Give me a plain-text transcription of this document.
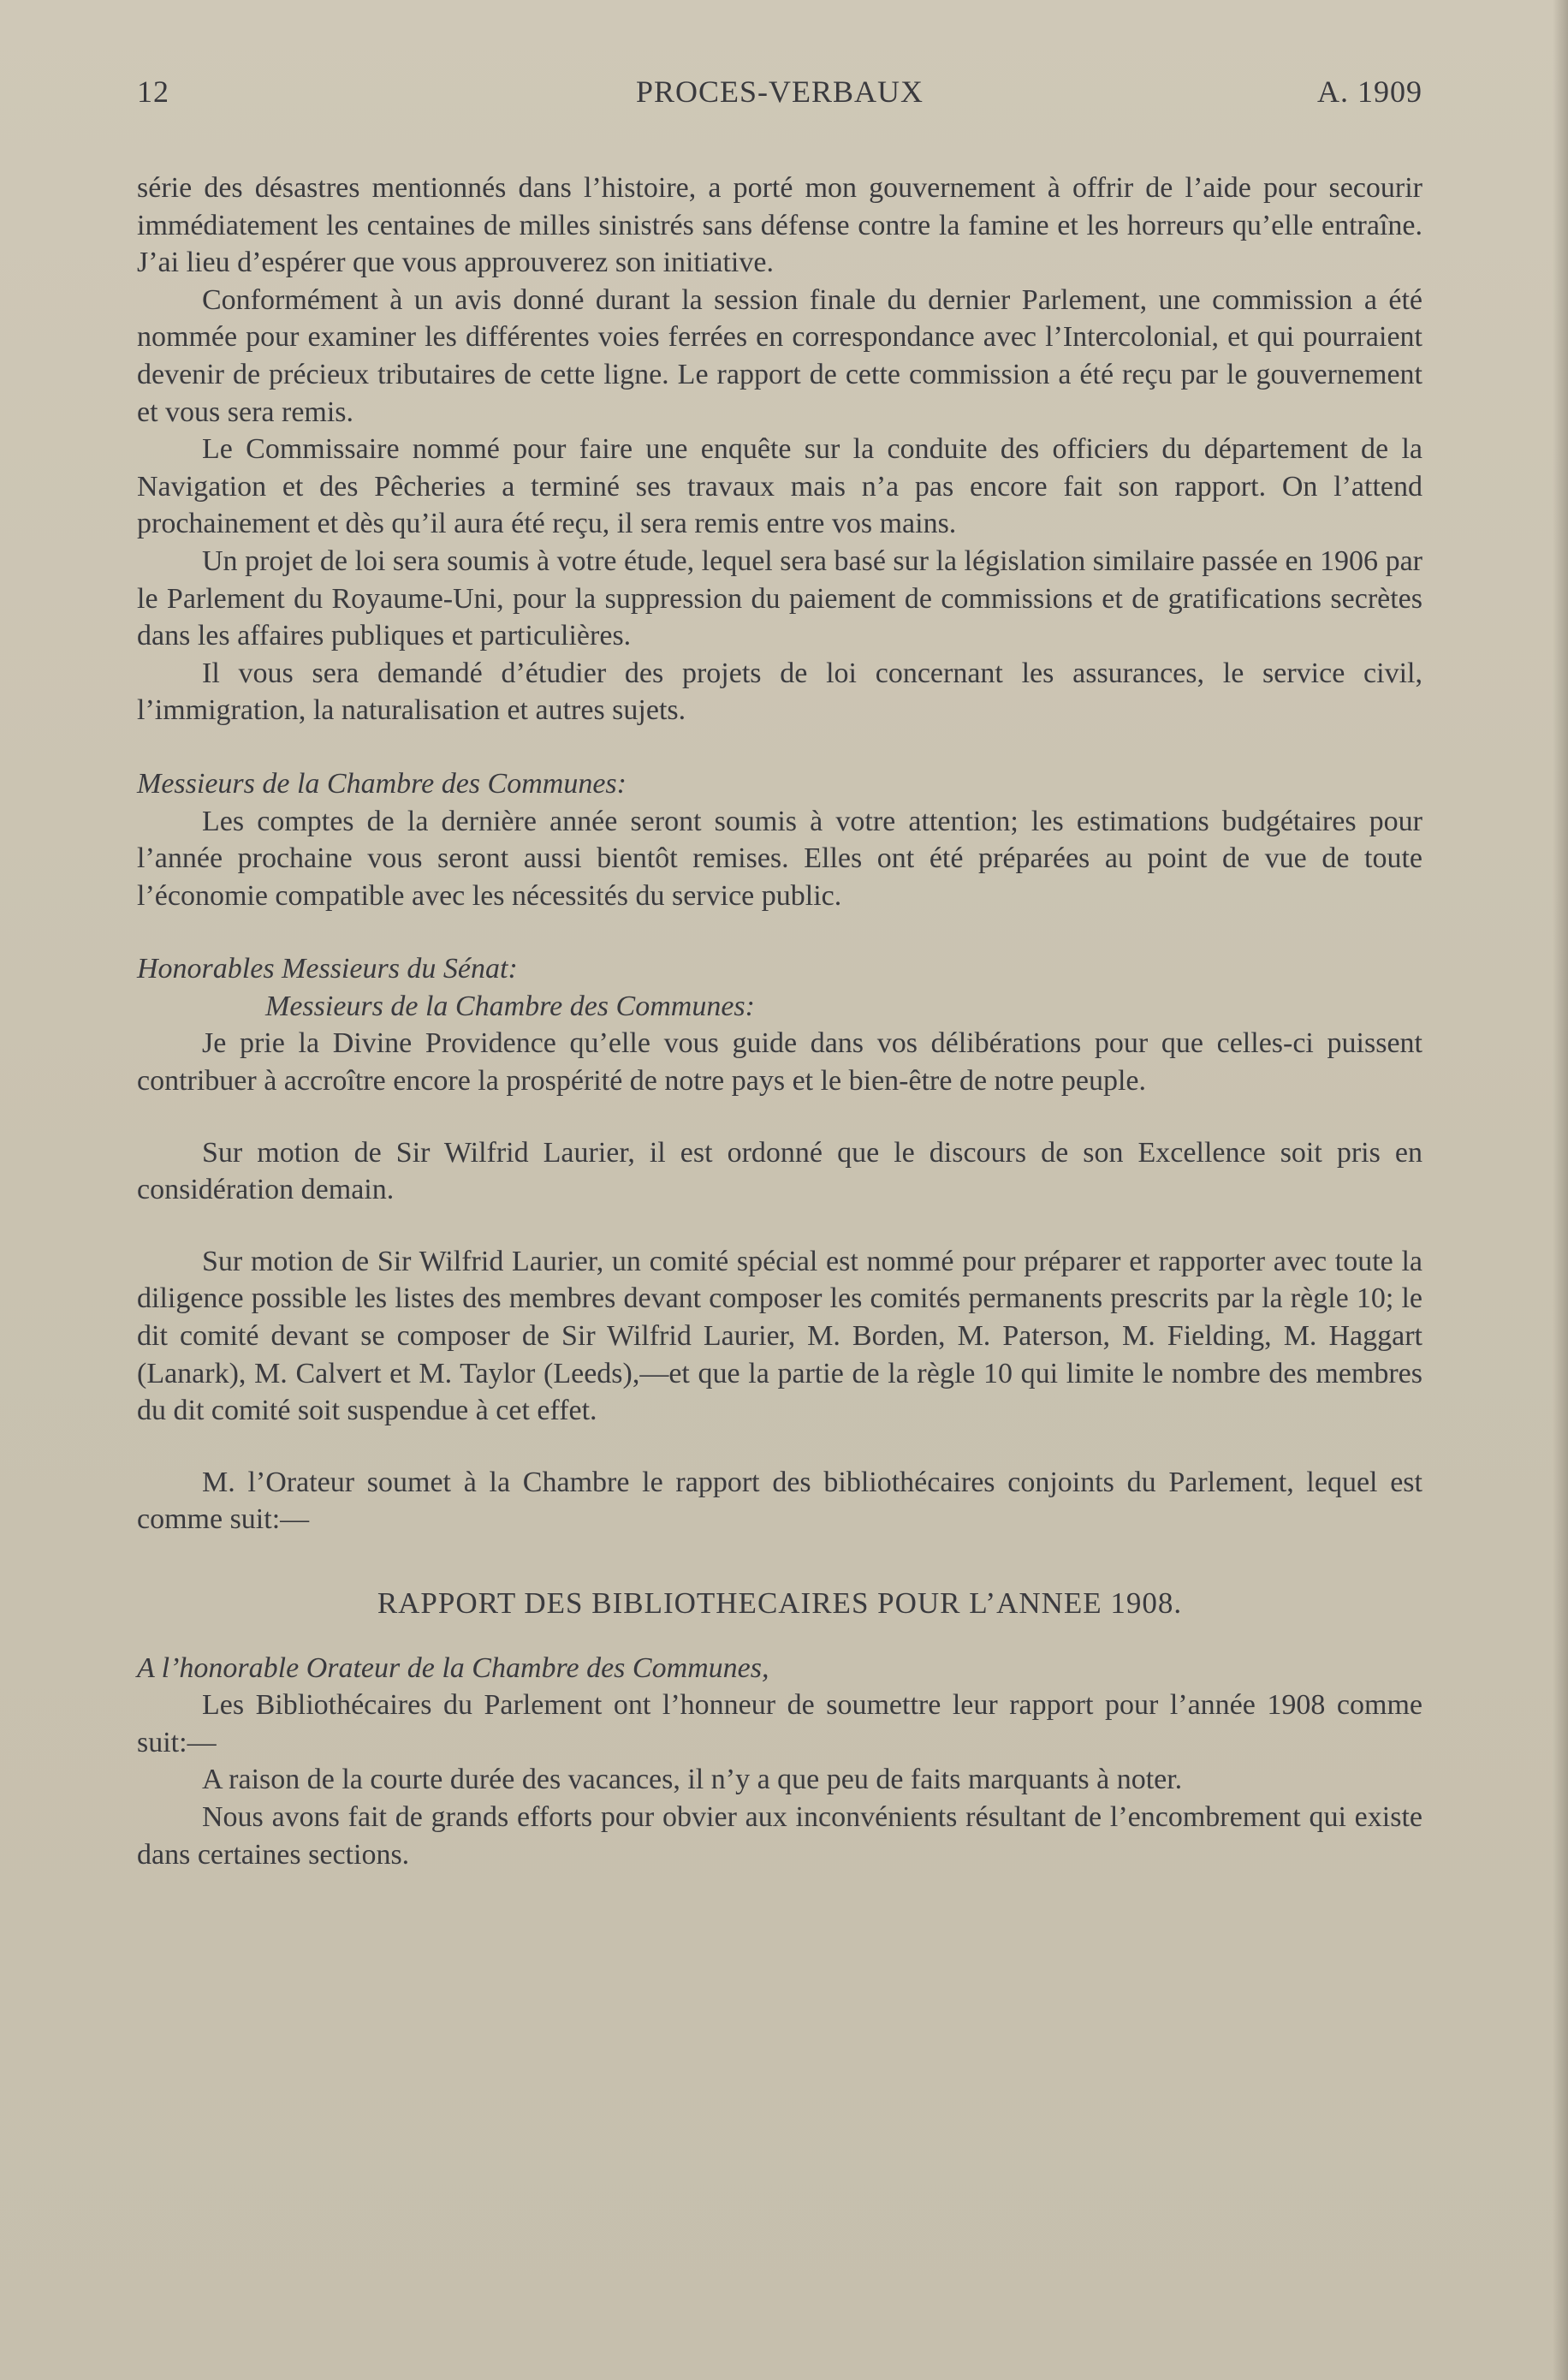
12	PROCES-VERBAUX	A. 1909

série des désastres mentionnés dans l’histoire, a porté mon gouvernement à offrir de l’aide pour secourir immédiatement les centaines de milles sinistrés sans défense contre la famine et les horreurs qu’elle entraîne. J’ai lieu d’espérer que vous approuverez son initiative.

Conformément à un avis donné durant la session finale du dernier Parlement, une commission a été nommée pour examiner les différentes voies ferrées en correspondance avec l’Intercolonial, et qui pourraient devenir de précieux tributaires de cette ligne. Le rapport de cette commission a été reçu par le gouvernement et vous sera remis.

Le Commissaire nommé pour faire une enquête sur la conduite des officiers du département de la Navigation et des Pêcheries a terminé ses travaux mais n’a pas encore fait son rapport. On l’attend prochainement et dès qu’il aura été reçu, il sera remis entre vos mains.

Un projet de loi sera soumis à votre étude, lequel sera basé sur la législation similaire passée en 1906 par le Parlement du Royaume-Uni, pour la suppression du paiement de commissions et de gratifications secrètes dans les affaires publiques et particulières.

Il vous sera demandé d’étudier des projets de loi concernant les assurances, le service civil, l’immigration, la naturalisation et autres sujets.

Messieurs de la Chambre des Communes:

Les comptes de la dernière année seront soumis à votre attention; les estimations budgétaires pour l’année prochaine vous seront aussi bientôt remises. Elles ont été préparées au point de vue de toute l’économie compatible avec les nécessités du service public.

Honorables Messieurs du Sénat:

Messieurs de la Chambre des Communes:

Je prie la Divine Providence qu’elle vous guide dans vos délibérations pour que celles-ci puissent contribuer à accroître encore la prospérité de notre pays et le bien-être de notre peuple.

Sur motion de Sir Wilfrid Laurier, il est ordonné que le discours de son Excellence soit pris en considération demain.

Sur motion de Sir Wilfrid Laurier, un comité spécial est nommé pour préparer et rapporter avec toute la diligence possible les listes des membres devant composer les comités permanents prescrits par la règle 10; le dit comité devant se composer de Sir Wilfrid Laurier, M. Borden, M. Paterson, M. Fielding, M. Haggart (Lanark), M. Calvert et M. Taylor (Leeds),—et que la partie de la règle 10 qui limite le nombre des membres du dit comité soit suspendue à cet effet.

M. l’Orateur soumet à la Chambre le rapport des bibliothécaires conjoints du Parlement, lequel est comme suit:—

RAPPORT DES BIBLIOTHECAIRES POUR L’ANNEE 1908.

A l’honorable Orateur de la Chambre des Communes,

Les Bibliothécaires du Parlement ont l’honneur de soumettre leur rapport pour l’année 1908 comme suit:—

A raison de la courte durée des vacances, il n’y a que peu de faits marquants à noter.

Nous avons fait de grands efforts pour obvier aux inconvénients résultant de l’encombrement qui existe dans certaines sections.
